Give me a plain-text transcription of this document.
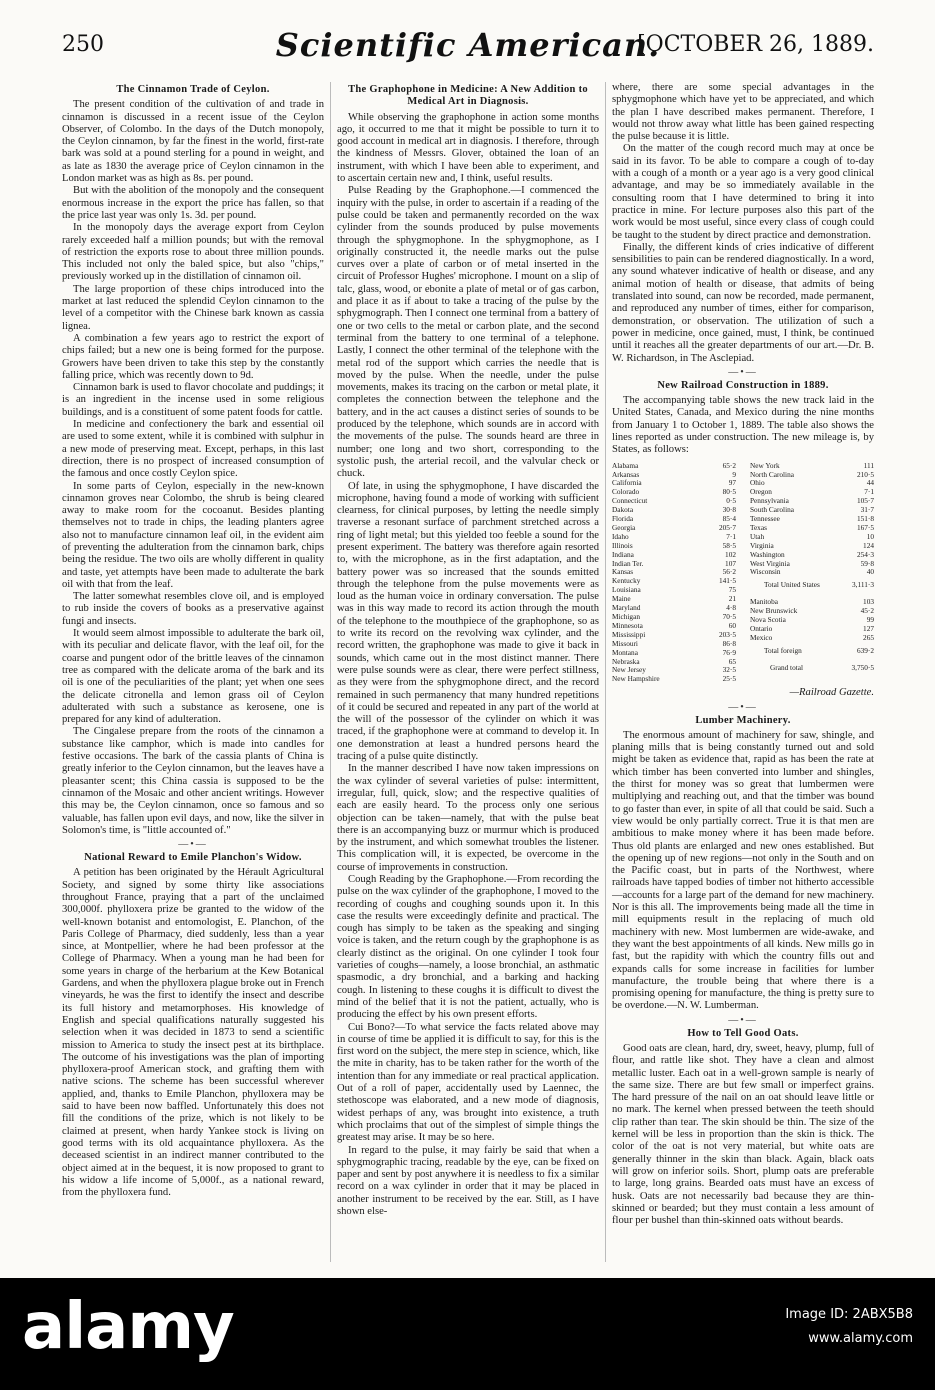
250	Scientific American.
[OCTOBER 26, 1889.
The Cinnamon Trade of Ceylon.

The present condition of the cultivation of and trade in cinnamon is discussed in a recent issue of the Ceylon Observer, of Colombo. In the days of the Dutch monopoly, the Ceylon cinnamon, by far the finest in the world, first-rate bark was sold at a pound sterling for a pound in weight, and as late as 1830 the average price of Ceylon cinnamon in the London market was as high as 8s. per pound.

But with the abolition of the monopoly and the consequent enormous increase in the export the price has fallen, so that the price last year was only 1s. 3d. per pound.

In the monopoly days the average export from Ceylon rarely exceeded half a million pounds; but with the removal of restriction the exports rose to about three million pounds. This included not only the baled spice, but also "chips," previously worked up in the distillation of cinnamon oil.

The large proportion of these chips introduced into the market at last reduced the splendid Ceylon cinnamon to the level of a competitor with the Chinese bark known as cassia lignea.

A combination a few years ago to restrict the export of chips failed; but a new one is being formed for the purpose. Growers have been driven to take this step by the constantly falling price, which was recently down to 9d.

Cinnamon bark is used to flavor chocolate and puddings; it is an ingredient in the incense used in some religious buildings, and is a constituent of some patent foods for cattle.

In medicine and confectionery the bark and essential oil are used to some extent, while it is combined with sulphur in a new mode of preserving meat. Except, perhaps, in this last direction, there is no prospect of increased consumption of the famous and once costly Ceylon spice.

In some parts of Ceylon, especially in the new-known cinnamon groves near Colombo, the shrub is being cleared away to make room for the cocoanut. Besides planting themselves not to trade in chips, the leading planters agree also not to manufacture cinnamon leaf oil, in the evident aim of preventing the adulteration from the cinnamon bark, chips being the residue. The two oils are wholly different in quality and taste, yet attempts have been made to adulterate the bark oil with that from the leaf.

The latter somewhat resembles clove oil, and is employed to rub inside the covers of books as a preservative against fungi and insects.

It would seem almost impossible to adulterate the bark oil, with its peculiar and delicate flavor, with the leaf oil, for the coarse and pungent odor of the brittle leaves of the cinnamon tree as compared with the delicate aroma of the bark and its oil is one of the peculiarities of the plant; yet when one sees the delicate citronella and lemon grass oil of Ceylon adulterated with such a substance as kerosene, one is prepared for any kind of adulteration.

The Cingalese prepare from the roots of the cinnamon a substance like camphor, which is made into candles for festive occasions. The bark of the cassia plants of China is greatly inferior to the Ceylon cinnamon, but the leaves have a pleasanter scent; this China cassia is supposed to be the cinnamon of the Mosaic and other ancient writings. However this may be, the Ceylon cinnamon, once so famous and so valuable, has fallen upon evil days, and now, like the silver in Solomon's time, is "little accounted of."

—•—
National Reward to Emile Planchon's Widow.

A petition has been originated by the Hérault Agricultural Society, and signed by some thirty like associations throughout France, praying that a part of the unclaimed 300,000f. phylloxera prize be granted to the widow of the well-known botanist and entomologist, E. Planchon, of the Paris College of Pharmacy, died suddenly, less than a year since, at Montpellier, where he had been professor at the College of Pharmacy. When a young man he had been for some years in charge of the herbarium at the Kew Botanical Gardens, and when the phylloxera plague broke out in French vineyards, he was the first to identify the insect and describe its full history and metamorphoses. His knowledge of English and special qualifications naturally suggested his selection when it was decided in 1873 to send a scientific mission to America to study the insect pest at its birthplace. The outcome of his investigations was the plan of importing phylloxera-proof American stock, and grafting them with native scions. The scheme has been successful wherever applied, and, thanks to Emile Planchon, phylloxera may be said to have been now baffled. Unfortunately this does not fill the conditions of the prize, which is not likely to be claimed at present, when hardy Yankee stock is living on good terms with its old acquaintance phylloxera. As the deceased scientist in an indirect manner contributed to the object aimed at in the bequest, it is now proposed to grant to his widow a life income of 5,000f., as a national reward, from the phylloxera fund.

The Graphophone in Medicine: A New Addition to Medical Art in Diagnosis.

While observing the graphophone in action some months ago, it occurred to me that it might be possible to turn it to good account in medical art in diagnosis. I therefore, through the kindness of Messrs. Glover, obtained the loan of an instrument, with which I have been able to experiment, and to ascertain certain new and, I think, useful results.

Pulse Reading by the Graphophone.—I commenced the inquiry with the pulse, in order to ascertain if a reading of the pulse could be taken and permanently recorded on the wax cylinder from the sounds produced by pulse movements through the sphygmophone. In the sphygmophone, as I originally constructed it, the needle marks out the pulse curves over a plate of carbon or of metal inserted in the circuit of Professor Hughes' microphone. I mount on a slip of talc, glass, wood, or ebonite a plate of metal or of gas carbon, and place it as if about to take a tracing of the pulse by the sphygmograph. Then I connect one terminal from a battery of one or two cells to the metal or carbon plate, and the second terminal from the battery to one terminal of a telephone. Lastly, I connect the other terminal of the telephone with the metal rod of the support which carries the needle that is moved by the pulse. When the needle, under the pulse movements, makes its tracing on the carbon or metal plate, it completes the connection between the telephone and the battery, and in the act causes a distinct series of sounds to be produced by the telephone, which sounds are in accord with the movements of the pulse. The sounds heard are three in number; one long and two short, corresponding to the systolic push, the arterial recoil, and the valvular check or chuck.

Of late, in using the sphygmophone, I have discarded the microphone, having found a mode of working with sufficient clearness, for clinical purposes, by letting the needle simply traverse a resonant surface of parchment stretched across a ring of light metal; but this yielded too feeble a sound for the present experiment. The battery was therefore again resorted to, with the microphone, as in the first adaptation, and the battery power was so increased that the sounds emitted through the telephone from the pulse movements were as loud as the human voice in ordinary conversation. The pulse was in this way made to record its action through the mouth of the telephone to the mouthpiece of the graphophone, so as to write its record on the revolving wax cylinder, and the record written, the graphophone was made to give it back in sounds, which came out in the most distinct manner. There were pulse sounds were as clear, there were perfect stillness, as they were from the sphygmophone direct, and the record remained in such permanency that many hundred repetitions of it could be secured and repeated in any part of the world at the will of the possessor of the cylinder on which it was traced, if the graphophone were at command to develop it. In one demonstration at least a hundred persons heard the tracing of a pulse quite distinctly.

In the manner described I have now taken impressions on the wax cylinder of several varieties of pulse: intermittent, irregular, full, quick, slow; and the respective qualities of each are easily heard. To the process only one serious objection can be taken—namely, that with the pulse beat there is an accompanying buzz or murmur which is produced by the instrument, and which somewhat troubles the listener. This complication will, it is expected, be overcome in the course of improvements in construction.

Cough Reading by the Graphophone.—From recording the pulse on the wax cylinder of the graphophone, I moved to the recording of coughs and coughing sounds upon it. In this case the results were exceedingly definite and practical. The cough has simply to be taken as the speaking and singing voice is taken, and the return cough by the graphophone is as clearly distinct as the original. On one cylinder I took four varieties of coughs—namely, a loose bronchial, an asthmatic spasmodic, a dry bronchial, and a barking and hacking cough. In listening to these coughs it is difficult to divest the mind of the belief that it is not the patient, actually, who is producing the effect by his own present efforts.

Cui Bono?—To what service the facts related above may in course of time be applied it is difficult to say, for this is the first word on the subject, the mere step in science, which, like the mite in charity, has to be taken rather for the worth of the intention than for any immediate or real practical application. Out of a roll of paper, accidentally used by Laennec, the stethoscope was elaborated, and a new mode of diagnosis, widest perhaps of any, was brought into existence, a truth which proclaims that out of the simplest of simple things the greatest may arise. It may be so here.

In regard to the pulse, it may fairly be said that when a sphygmographic tracing, readable by the eye, can be fixed on paper and sent by post anywhere it is needless to fix a similar record on a wax cylinder in order that it may be placed in another instrument to be received by the ear. Still, as I have shown else-

where, there are some special advantages in the sphygmophone which have yet to be appreciated, and which the plan I have described makes permanent. Therefore, I would not throw away what little has been gained respecting the pulse because it is little.

On the matter of the cough record much may at once be said in its favor. To be able to compare a cough of to-day with a cough of a month or a year ago is a very good clinical advantage, and may be so immediately available in the consulting room that I have determined to bring it into practice in mine. For lecture purposes also this part of the work would be most useful, since every class of cough could be taught to the student by direct practice and demonstration.

Finally, the different kinds of cries indicative of different sensibilities to pain can be rendered diagnostically. In a word, any sound whatever indicative of health or disease, and any animal motion of health or disease, that admits of being translated into sound, can now be recorded, made permanent, and reproduced any number of times, either for comparison, demonstration, or observation. The utilization of such a power in medicine, once gained, must, I think, be continued until it reaches all the greater departments of our art.—Dr. B. W. Richardson, in The Asclepiad.

—•—
New Railroad Construction in 1889.

The accompanying table shows the new track laid in the United States, Canada, and Mexico during the nine months from January 1 to October 1, 1889. The table also shows the lines reported as under construction. The new mileage is, by States, as follows:

Alabama	65·2
Arkansas	9
California	97
Colorado	80·5
Connecticut	0·5
Dakota	30·8
Florida	85·4
Georgia	205·7
Idaho	7·1
Illinois	58·5
Indiana	102
Indian Ter.	107
Kansas	56·2
Kentucky	141·5
Louisiana	75
Maine	21
Maryland	4·8
Michigan	70·5
Minnesota	60
Mississippi	203·5
Missouri	86·8
Montana	76·9
Nebraska	65
New Jersey	32·5
New Hampshire	25·5
New York	111
North Carolina	210·5
Ohio	44
Oregon	7·1
Pennsylvania	105·7
South Carolina	31·7
Tennessee	151·8
Texas	167·5
Utah	10
Virginia	124
Washington	254·3
West Virginia	59·8
Wisconsin	40
Total United States	3,111·3
Manitoba	103
New Brunswick	45·2
Nova Scotia	99
Ontario	127
Mexico	265
Total foreign	639·2
Grand total	3,750·5

—Railroad Gazette.

—•—
Lumber Machinery.

The enormous amount of machinery for saw, shingle, and planing mills that is being constantly turned out and sold might be taken as evidence that, rapid as has been the rate at which timber has been converted into lumber and shingles, the thirst for money was so great that lumbermen were multiplying and reaching out, and that the timber was bound to go faster than ever, in spite of all that could be said. Such a view would be only partially correct. True it is that men are ambitious to make money where it has been made before. Thus old plants are enlarged and new ones established. But the opening up of new regions—not only in the South and on the Pacific coast, but in parts of the Northwest, where railroads have tapped bodies of timber not hitherto accessible—accounts for a large part of the demand for new machinery. Nor is this all. The improvements being made all the time in mill equipments result in the replacing of much old machinery with new. Most lumbermen are wide-awake, and they want the best appointments of all kinds. New mills go in fast, but the rapidity with which the country fills out and expands calls for some increase in facilities for lumber manufacture, the trouble being that where there is a promising opening for manufacture, the thing is pretty sure to be overdone.—N. W. Lumberman.

—•—
How to Tell Good Oats.

Good oats are clean, hard, dry, sweet, heavy, plump, full of flour, and rattle like shot. They have a clean and almost metallic luster. Each oat in a well-grown sample is nearly of the same size. There are but few small or imperfect grains. The hard pressure of the nail on an oat should leave little or no mark. The kernel when pressed between the teeth should clip rather than tear. The skin should be thin. The size of the kernel will be less in proportion than the skin is thick. The color of the oat is not very material, but white oats are generally thinner in the skin than black. Again, black oats will grow on inferior soils. Short, plump oats are preferable to large, long grains. Bearded oats must have an excess of husk. Oats are not necessarily bad because they are thin-skinned or bearded; but they must contain a less amount of flour per bushel than thin-skinned oats without beards.

alamy	Image ID: 2ABX5B8
www.alamy.com
